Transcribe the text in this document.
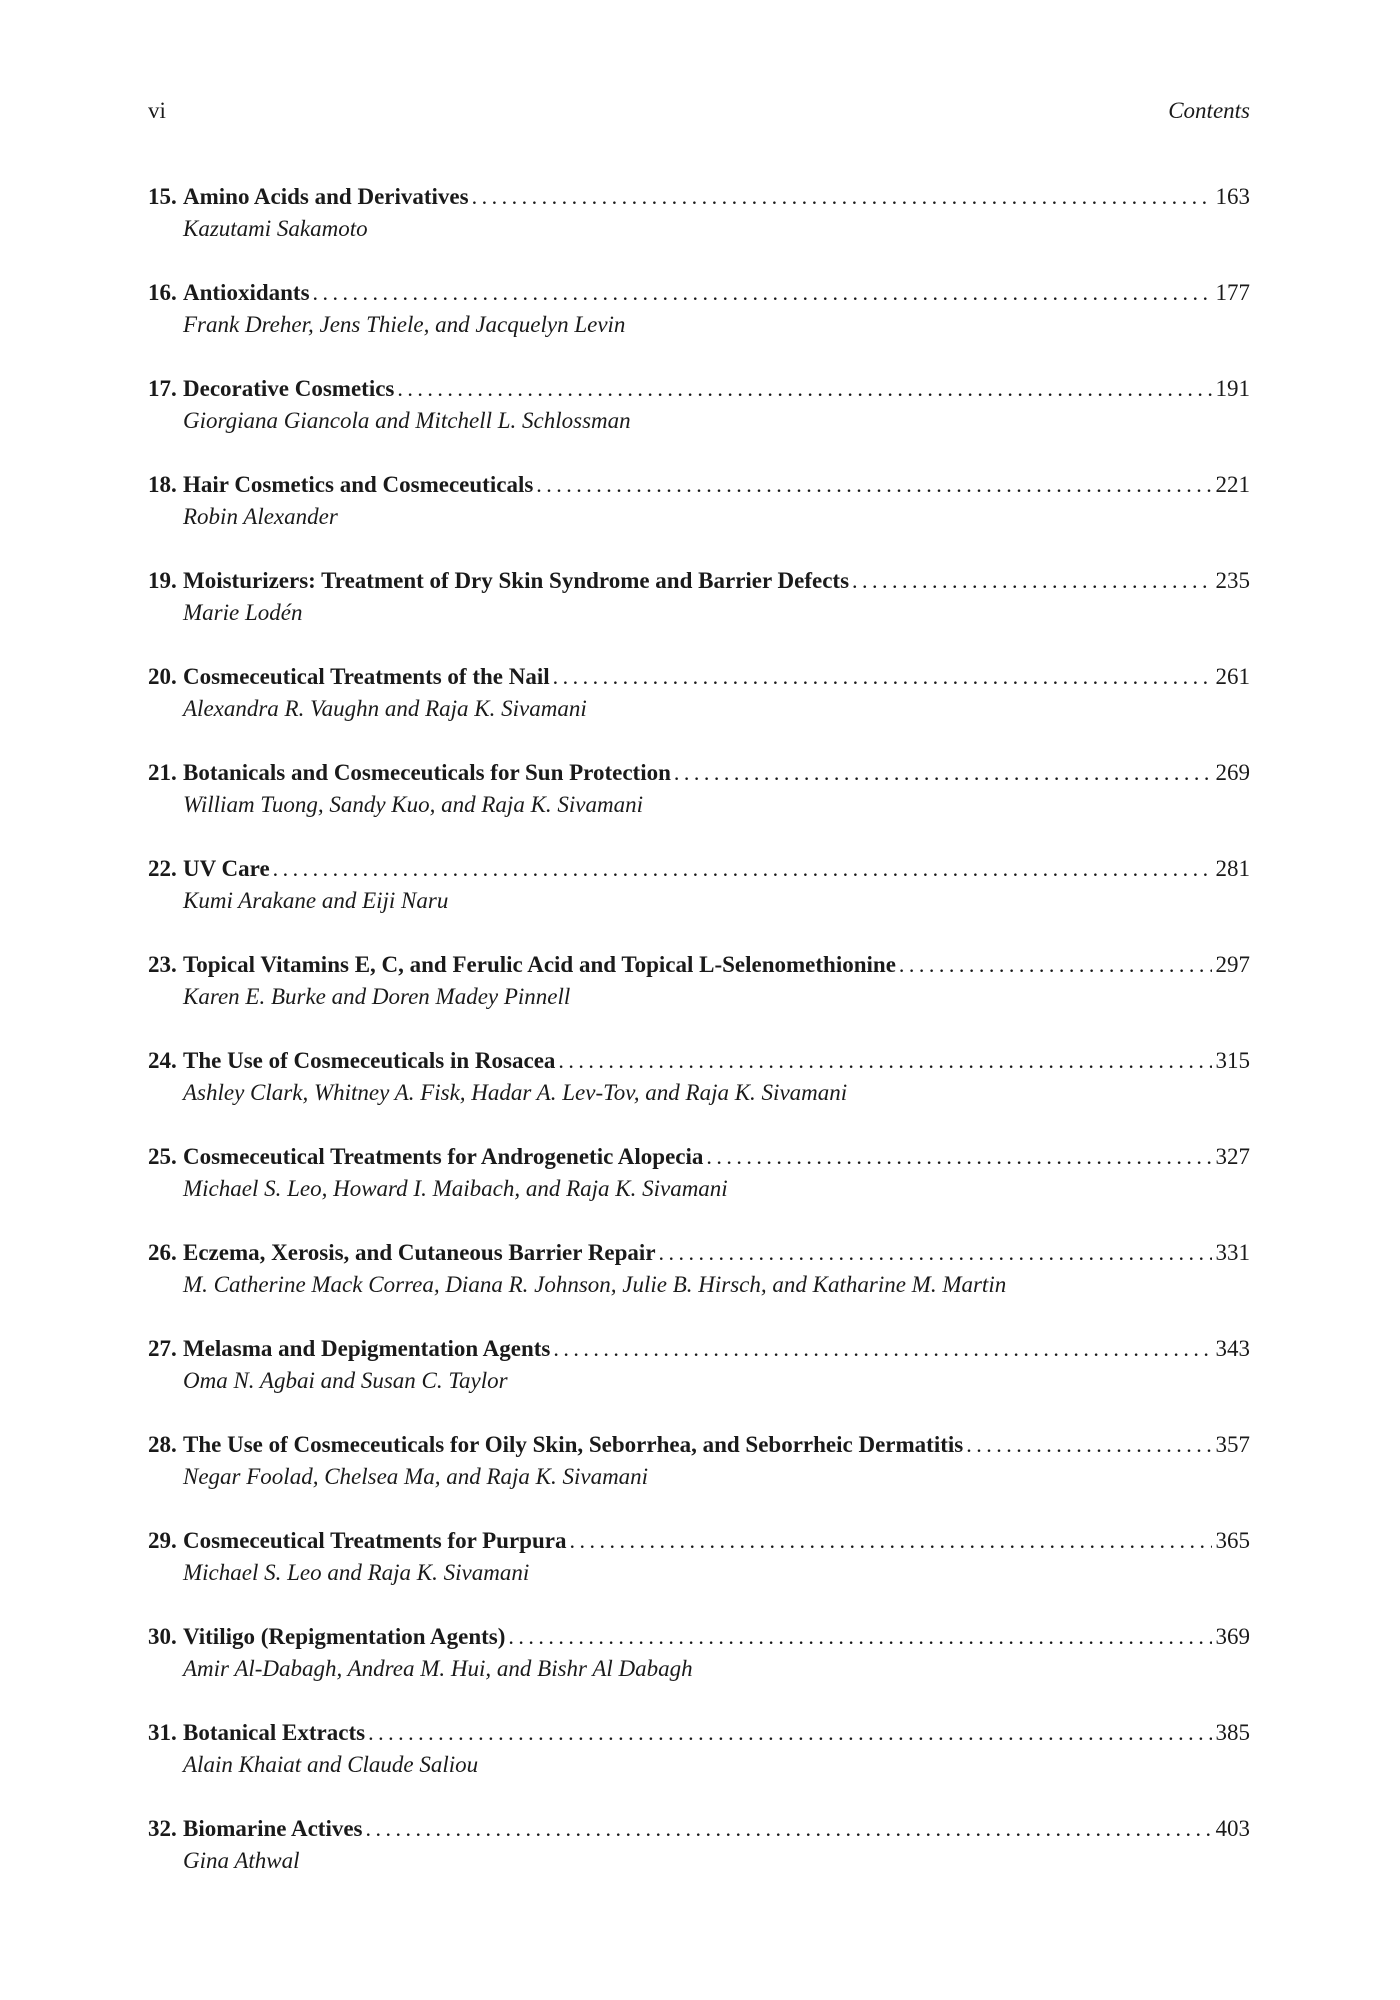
vi	Contents
15. Amino Acids and Derivatives .....	163
Kazutami Sakamoto
16. Antioxidants .....	177
Frank Dreher, Jens Thiele, and Jacquelyn Levin
17. Decorative Cosmetics .....	191
Giorgiana Giancola and Mitchell L. Schlossman
18. Hair Cosmetics and Cosmeceuticals .....	221
Robin Alexander
19. Moisturizers: Treatment of Dry Skin Syndrome and Barrier Defects .....	235
Marie Lodén
20. Cosmeceutical Treatments of the Nail .....	261
Alexandra R. Vaughn and Raja K. Sivamani
21. Botanicals and Cosmeceuticals for Sun Protection .....	269
William Tuong, Sandy Kuo, and Raja K. Sivamani
22. UV Care .....	281
Kumi Arakane and Eiji Naru
23. Topical Vitamins E, C, and Ferulic Acid and Topical L-Selenomethionine .....	297
Karen E. Burke and Doren Madey Pinnell
24. The Use of Cosmeceuticals in Rosacea .....	315
Ashley Clark, Whitney A. Fisk, Hadar A. Lev-Tov, and Raja K. Sivamani
25. Cosmeceutical Treatments for Androgenetic Alopecia .....	327
Michael S. Leo, Howard I. Maibach, and Raja K. Sivamani
26. Eczema, Xerosis, and Cutaneous Barrier Repair .....	331
M. Catherine Mack Correa, Diana R. Johnson, Julie B. Hirsch, and Katharine M. Martin
27. Melasma and Depigmentation Agents .....	343
Oma N. Agbai and Susan C. Taylor
28. The Use of Cosmeceuticals for Oily Skin, Seborrhea, and Seborrheic Dermatitis .....	357
Negar Foolad, Chelsea Ma, and Raja K. Sivamani
29. Cosmeceutical Treatments for Purpura .....	365
Michael S. Leo and Raja K. Sivamani
30. Vitiligo (Repigmentation Agents) .....	369
Amir Al-Dabagh, Andrea M. Hui, and Bishr Al Dabagh
31. Botanical Extracts .....	385
Alain Khaiat and Claude Saliou
32. Biomarine Actives .....	403
Gina Athwal
